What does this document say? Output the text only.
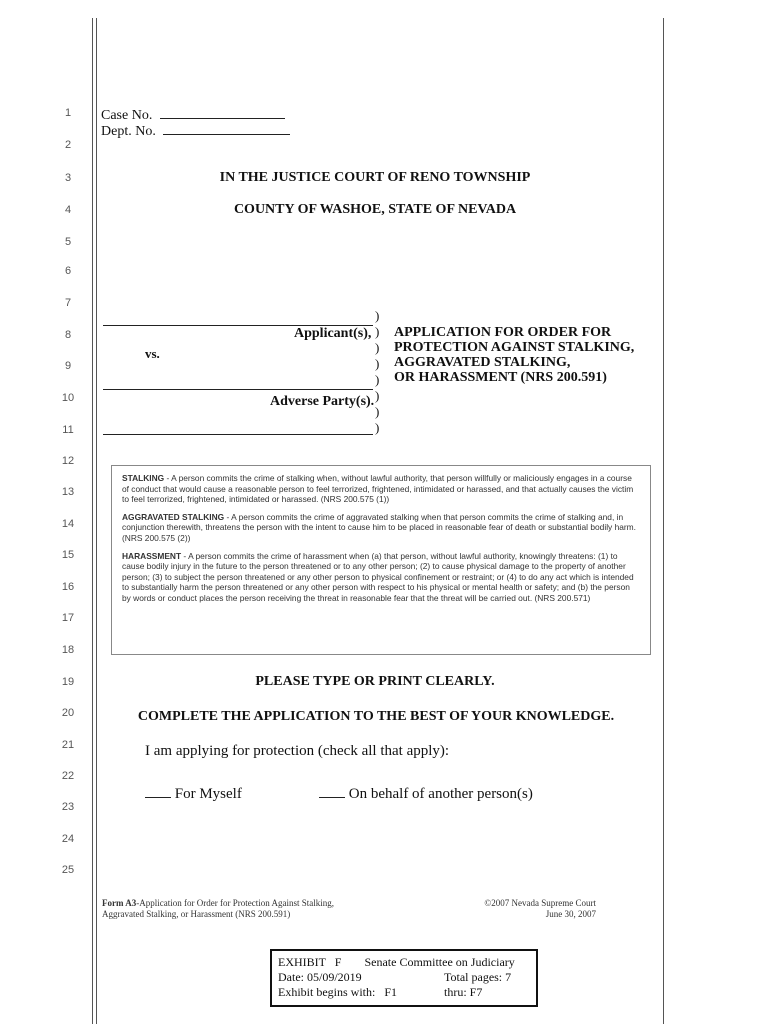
1
2
3
4
5
6
7
8
9
10
11
12
13
14
15
16
17
18
19
20
21
22
23
24
25
Case No.
Dept. No.
IN THE JUSTICE COURT OF RENO TOWNSHIP
COUNTY OF WASHOE, STATE OF NEVADA
Applicant(s),
vs.
Adverse Party(s).
)
)
)
)
)
)
)
)
APPLICATION FOR ORDER FOR
PROTECTION AGAINST STALKING,
AGGRAVATED STALKING,
OR HARASSMENT (NRS 200.591)

STALKING - A person commits the crime of stalking when, without lawful authority, that person willfully or maliciously engages in a course of conduct that would cause a reasonable person to feel terrorized, frightened, intimidated or harassed, and that actually causes the victim to feel terrorized, frightened, intimidated or harassed. (NRS 200.575 (1))

AGGRAVATED STALKING - A person commits the crime of aggravated stalking when that person commits the crime of stalking and, in conjunction therewith, threatens the person with the intent to cause him to be placed in reasonable fear of death or substantial bodily harm. (NRS 200.575 (2))

HARASSMENT - A person commits the crime of harassment when (a) that person, without lawful authority, knowingly threatens: (1) to cause bodily injury in the future to the person threatened or to any other person; (2) to cause physical damage to the property of another person; (3) to subject the person threatened or any other person to physical confinement or restraint; or (4) to do any act which is intended to substantially harm the person threatened or any other person with respect to his physical or mental health or safety; and (b) the person by words or conduct places the person receiving the threat in reasonable fear that the threat will be carried out. (NRS 200.571)

PLEASE TYPE OR PRINT CLEARLY.
COMPLETE THE APPLICATION TO THE BEST OF YOUR KNOWLEDGE.
I am applying for protection (check all that apply):
For Myself	On behalf of another person(s)
Form A3-Application for Order for Protection Against Stalking,
Aggravated Stalking, or Harassment (NRS 200.591)
©2007 Nevada Supreme Court
June 30, 2007
EXHIBIT F Senate Committee on Judiciary
Date: 05/09/2019	Total pages: 7
Exhibit begins with: F1	thru: F7
